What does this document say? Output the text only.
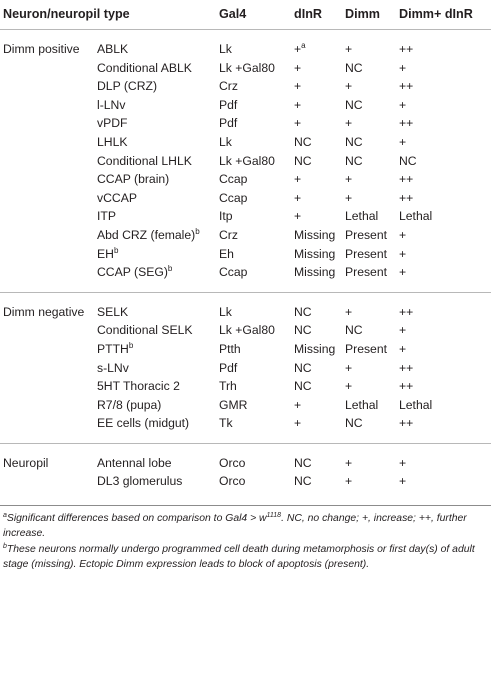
Neuron/neuropil type		Gal4	dInR	Dimm	Dimm+ dInR
Dimm positive	ABLK	Lk	+$^a$	+	++
	Conditional ABLK	Lk +Gal80	+	NC	+
	DLP (CRZ)	Crz	+	+	++
	l-LNv	Pdf	+	NC	+
	vPDF	Pdf	+	+	++
	LHLK	Lk	NC	NC	+
	Conditional LHLK	Lk +Gal80	NC	NC	NC
	CCAP (brain)	Ccap	+	+	++
	vCCAP	Ccap	+	+	++
	ITP	Itp	+	Lethal	Lethal
	Abd CRZ (female)$^b$	Crz	Missing	Present	+
	$EH^b$	Eh	Missing	Present	+
	CCAP (SEG)$^b$	Ccap	Missing	Present	+
Dimm negative	SELK	Lk	NC	+	++
	Conditional SELK	Lk +Gal80	NC	NC	+
	PTTH$^b$	Ptth	Missing	Present	+
	s-LNv	Pdf	NC	+	++
	5HT Thoracic 2	Trh	NC	+	++
	R7/8 (pupa)	GMR	+	Lethal	Lethal
	EE cells (midgut)	Tk	+	NC	++
Neuropil	Antennal lobe	Orco	NC	+	+
	DL3 glomerulus	Orco	NC	+	+

$^a$Significant differences based on comparison to $Gal4 > w^{1118}$. NC, no change; +, increase; ++, further increase.

$^b$These neurons normally undergo programmed cell death during metamorphosis or first day(s) of adult stage (missing). Ectopic Dimm expression leads to block of apoptosis (present).
